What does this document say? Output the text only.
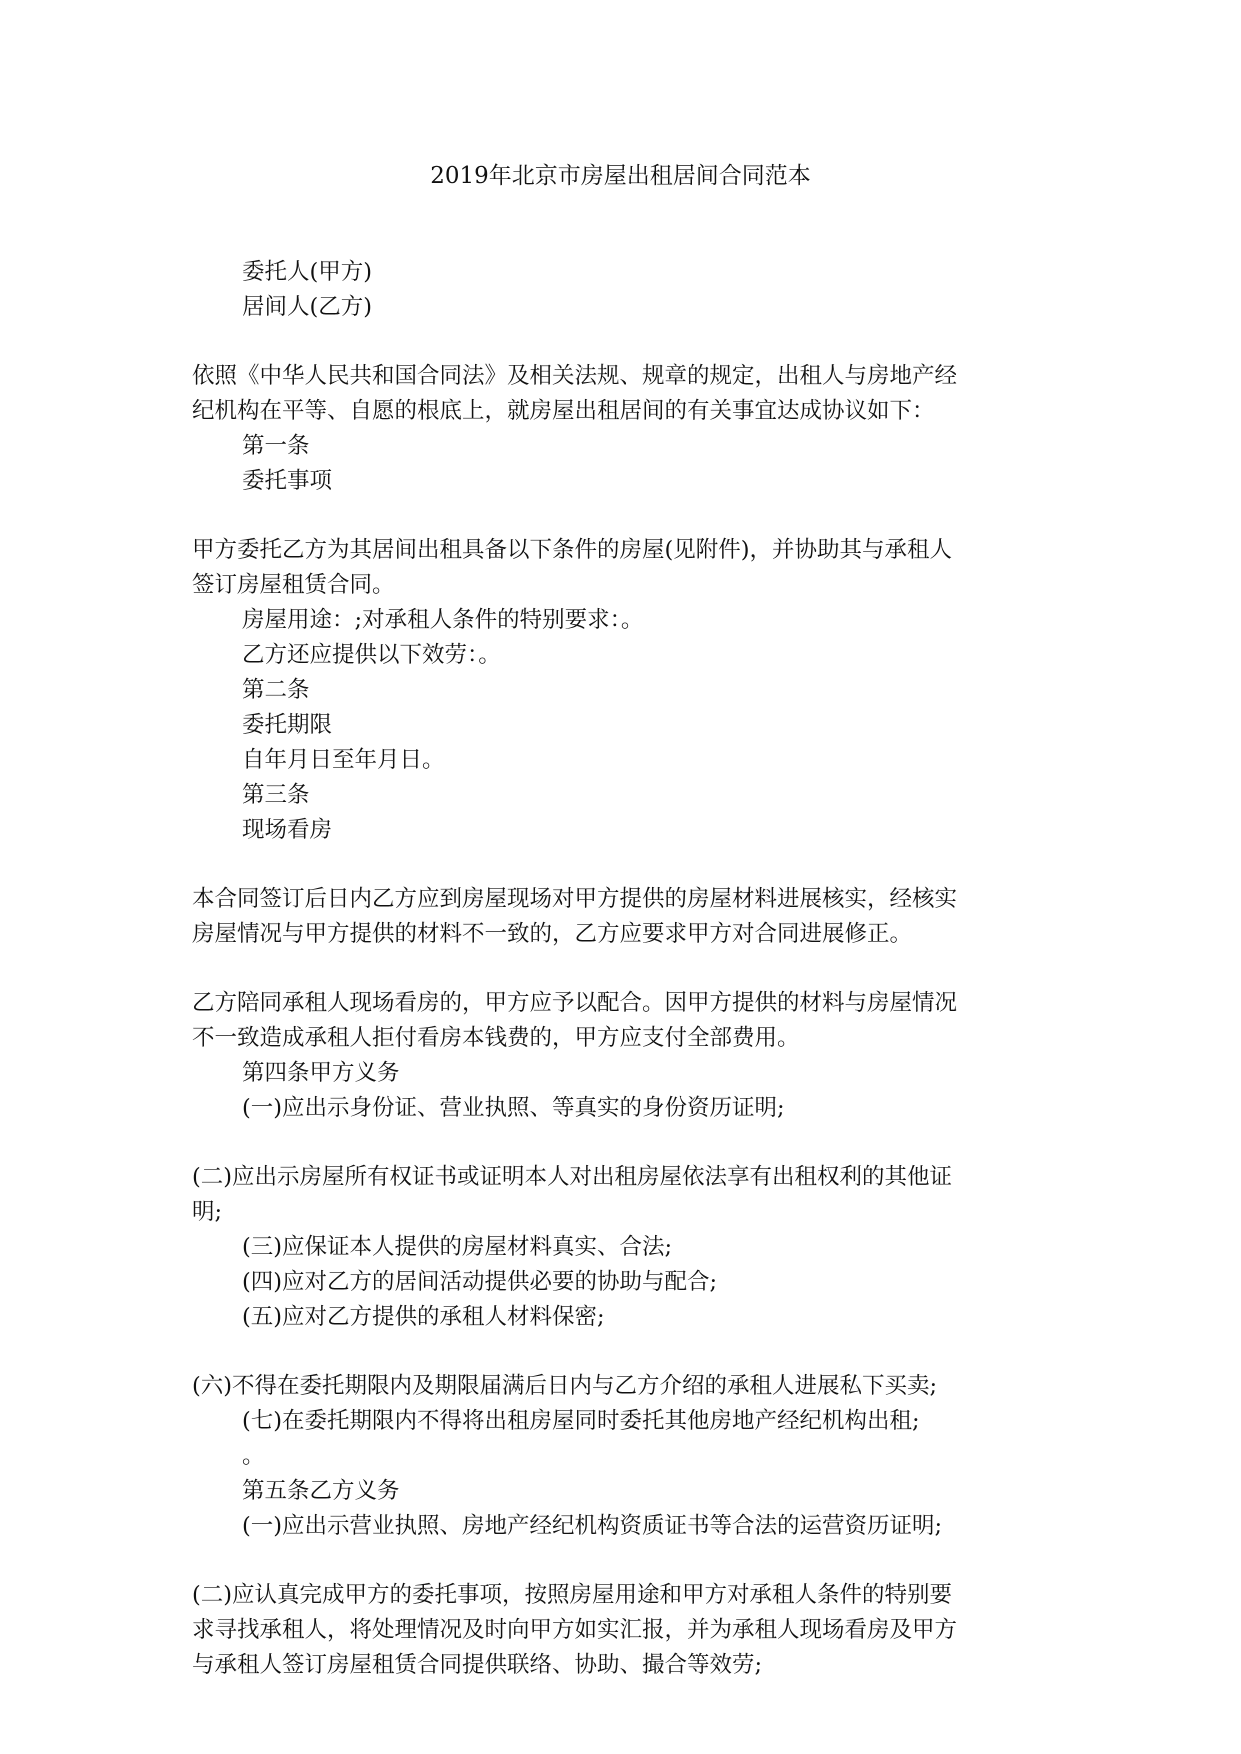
2019年北京市房屋出租居间合同范本
委托人(甲方)
居间人(乙方)
依照《中华人民共和国合同法》及相关法规、规章的规定，出租人与房地产经
纪机构在平等、自愿的根底上，就房屋出租居间的有关事宜达成协议如下：
第一条
委托事项
甲方委托乙方为其居间出租具备以下条件的房屋(见附件)，并协助其与承租人
签订房屋租赁合同。
房屋用途：;对承租人条件的特别要求：。
乙方还应提供以下效劳：。
第二条
委托期限
自年月日至年月日。
第三条
现场看房
本合同签订后日内乙方应到房屋现场对甲方提供的房屋材料进展核实，经核实
房屋情况与甲方提供的材料不一致的，乙方应要求甲方对合同进展修正。
乙方陪同承租人现场看房的，甲方应予以配合。因甲方提供的材料与房屋情况
不一致造成承租人拒付看房本钱费的，甲方应支付全部费用。
第四条甲方义务
(一)应出示身份证、营业执照、等真实的身份资历证明;
(二)应出示房屋所有权证书或证明本人对出租房屋依法享有出租权利的其他证
明;
(三)应保证本人提供的房屋材料真实、合法;
(四)应对乙方的居间活动提供必要的协助与配合;
(五)应对乙方提供的承租人材料保密;
(六)不得在委托期限内及期限届满后日内与乙方介绍的承租人进展私下买卖;
(七)在委托期限内不得将出租房屋同时委托其他房地产经纪机构出租;
。
第五条乙方义务
(一)应出示营业执照、房地产经纪机构资质证书等合法的运营资历证明;
(二)应认真完成甲方的委托事项，按照房屋用途和甲方对承租人条件的特别要
求寻找承租人，将处理情况及时向甲方如实汇报，并为承租人现场看房及甲方
与承租人签订房屋租赁合同提供联络、协助、撮合等效劳;
